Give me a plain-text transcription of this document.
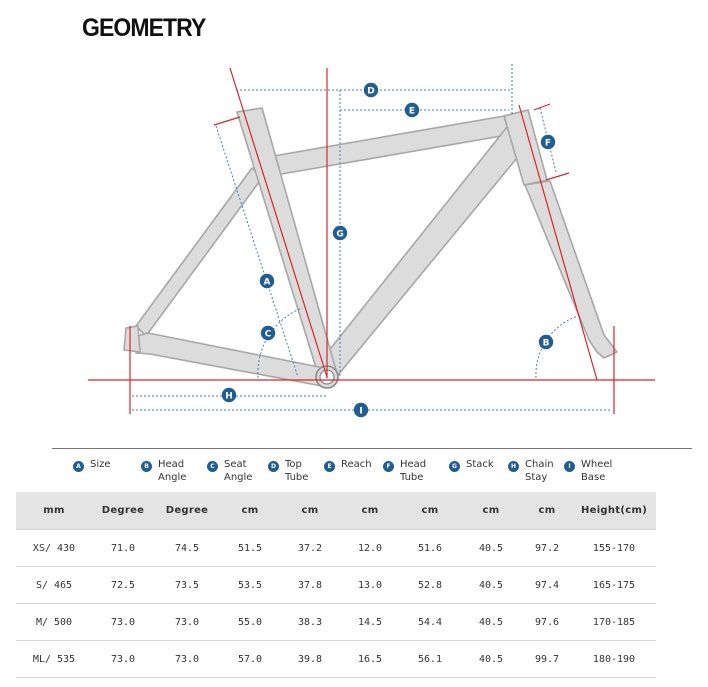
GEOMETRY
A
B
C
D
E
F
G
H
I
A Size	B Head
Angle
C Seat
Angle
D Top
Tube
E Reach	F Head
Tube
G Stack	H Chain
Stay
I	Wheel
Base
mm	Degree	Degree	cm	cm	cm	cm	cm	cm	Height(cm)
XS/ 430	71.0	74.5	51.5	37.2	12.0	51.6	40.5	97.2	155-170
S/ 465	72.5	73.5	53.5	37.8	13.0	52.8	40.5	97.4	165-175
M/ 500	73.0	73.0	55.0	38.3	14.5	54.4	40.5	97.6	170-185
ML/ 535	73.0	73.0	57.0	39.8	16.5	56.1	40.5	99.7	180-190
